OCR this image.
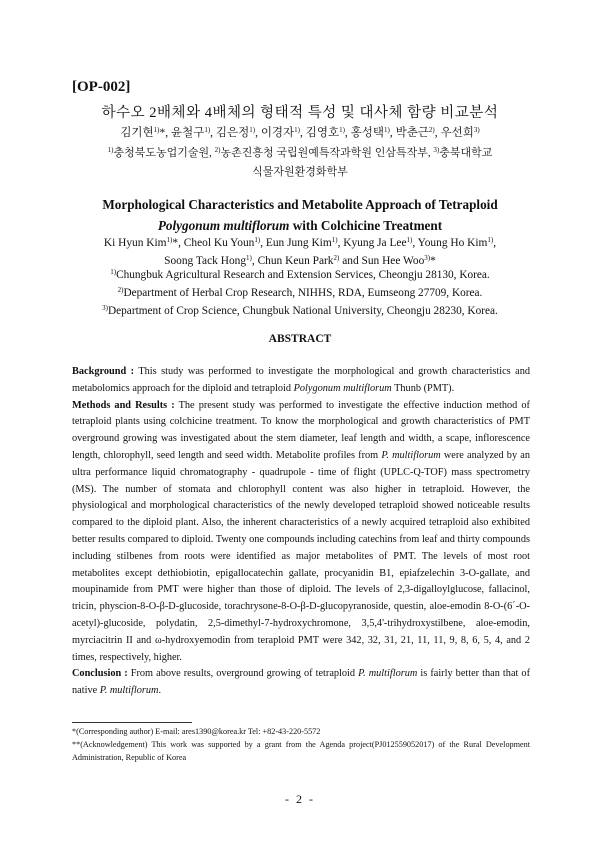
[OP-002]
하수오 2배체와 4배체의 형태적 특성 및 대사체 함량 비교분석
김기현$^{1)}$*, 윤철구$^{1)}$, 김은정$^{1)}$, 이경자$^{1)}$, 김영호$^{1)}$, 홍성택$^{1)}$, 박춘근$^{2)}$, 우선희$^{3)}$
$^{1)}$충청북도농업기술원, $^{2)}$농촌진흥청 국립원예특작과학원 인삼특작부, $^{3)}$충북대학교
식물자원환경화학부
Morphological Characteristics and Metabolite Approach of Tetraploid Polygonum multiflorum with Colchicine Treatment
Ki Hyun Kim$^{1)}$*, Cheol Ku Youn$^{1)}$, Eun Jung Kim$^{1)}$, Kyung Ja Lee$^{1)}$, Young Ho Kim$^{1)}$,
Soong Tack Hong$^{1)}$, Chun Keun Park$^{2)}$ and Sun Hee Woo$^{3)}$*
$^{1)}$Chungbuk Agricultural Research and Extension Services, Cheongju 28130, Korea.
$^{2)}$Department of Herbal Crop Research, NIHHS, RDA, Eumseong 27709, Korea.
$^{3)}$Department of Crop Science, Chungbuk National University, Cheongju 28230, Korea.
ABSTRACT

Background : This study was performed to investigate the morphological and growth characteristics and metabolomics approach for the diploid and tetraploid Polygonum multiflorum Thunb (PMT).

Methods and Results : The present study was performed to investigate the effective induction method of tetraploid plants using colchicine treatment. To know the morphological and growth characteristics of PMT overground growing was investigated about the stem diameter, leaf length and width, a scape, inflorescence length, chlorophyll, seed length and seed width. Metabolite profiles from P. multiflorum were analyzed by an ultra performance liquid chromatography - quadrupole - time of flight (UPLC-Q-TOF) mass spectrometry (MS). The number of stomata and chlorophyll content was also higher in tetraploid. However, the physiological and morphological characteristics of the newly developed tetraploid showed noticeable results compared to the diploid plant. Also, the inherent characteristics of a newly acquired tetraploid also exhibited better results compared to diploid. Twenty one compounds including catechins from leaf and thirty compounds including stilbenes from roots were identified as major metabolites of PMT. The levels of most root metabolites except dethiobiotin, epigallocatechin gallate, procyanidin B1, epiafzelechin 3-O-gallate, and moupinamide from PMT were higher than those of diploid. The levels of 2,3-digalloylglucose, fallacinol, tricin, physcion-8-O-β-D-glucoside, torachrysone-8-O-β-D-glucopyranoside, questin, aloe-emodin 8-O-(6΄-O-acetyl)-glucoside, polydatin, 2,5-dimethyl-7-hydroxychromone, 3,5,4'-trihydroxystilbene, aloe-emodin, myrciacitrin II and ω-hydroxyemodin from teraploid PMT were 342, 32, 31, 21, 11, 11, 9, 8, 6, 5, 4, and 2 times, respectively, higher.

Conclusion : From above results, overground growing of tetraploid P. multiflorum is fairly better than that of native P. multiflorum.

*(Corresponding author) E-mail: ares1390@korea.kr Tel: +82-43-220-5572

**(Acknowledgement) This work was supported by a grant from the Agenda project(PJ012559052017) of the Rural Development Administration, Republic of Korea

- 2 -
